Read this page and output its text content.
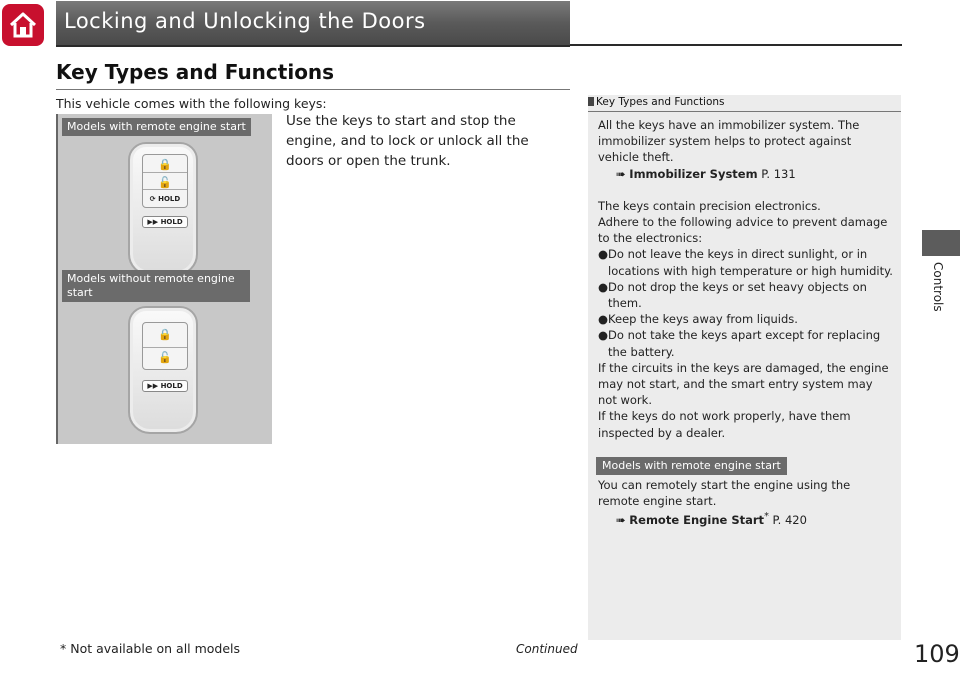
Locking and Unlocking the Doors
Key Types and Functions
This vehicle comes with the following keys:
Use the keys to start and stop the engine, and to lock or unlock all the doors or open the trunk.
Models with remote engine start
🔒
🔓
⟳ HOLD
▶▶ HOLD
Models without remote engine start
🔒
🔓
▶▶ HOLD
Key Types and Functions

All the keys have an immobilizer system. The immobilizer system helps to protect against vehicle theft.

➠ Immobilizer System P. 131

The keys contain precision electronics.

Adhere to the following advice to prevent damage to the electronics:

●Do not leave the keys in direct sunlight, or in locations with high temperature or high humidity.

●Do not drop the keys or set heavy objects on them.

●Keep the keys away from liquids.

●Do not take the keys apart except for replacing the battery.

If the circuits in the keys are damaged, the engine may not start, and the smart entry system may not work.

If the keys do not work properly, have them inspected by a dealer.

Models with remote engine start

You can remotely start the engine using the remote engine start.

➠ Remote Engine Start* P. 420

* Not available on all models	Continued	109
Controls
